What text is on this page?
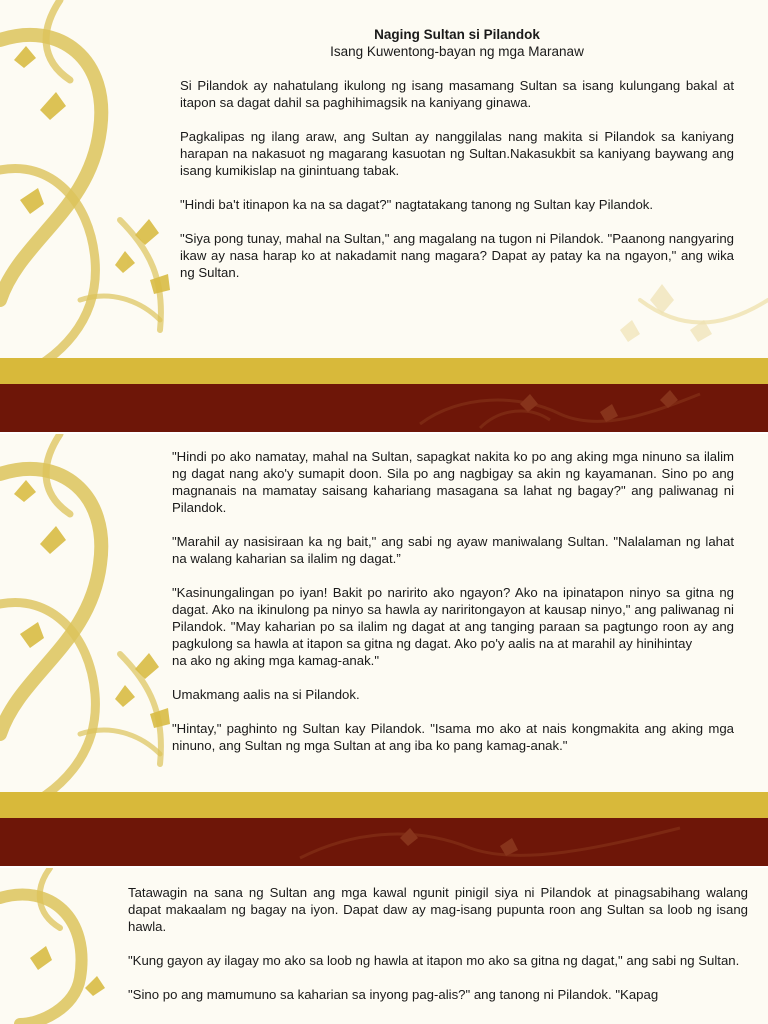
Naging Sultan si Pilandok
Isang Kuwentong-bayan ng mga Maranaw

Si Pilandok ay nahatulang ikulong ng isang masamang Sultan sa isang kulungang bakal at itapon sa dagat dahil sa paghihimagsik na kaniyang ginawa.

Pagkalipas ng ilang araw, ang Sultan ay nanggilalas nang makita si Pilandok sa kaniyang harapan na nakasuot ng magarang kasuotan ng Sultan.Nakasukbit sa kaniyang baywang ang isang kumikislap na ginintuang tabak.

"Hindi ba't itinapon ka na sa dagat?" nagtatakang tanong ng Sultan kay Pilandok.

"Siya pong tunay, mahal na Sultan," ang magalang na tugon ni Pilandok. "Paanong nangyaring ikaw ay nasa harap ko at nakadamit nang magara? Dapat ay patay ka na ngayon," ang wika ng Sultan.

"Hindi po ako namatay, mahal na Sultan, sapagkat nakita ko po ang aking mga ninuno sa ilalim ng dagat nang ako'y sumapit doon. Sila po ang nagbigay sa akin ng kayamanan. Sino po ang magnanais na mamatay saisang kahariang masagana sa lahat ng bagay?" ang paliwanag ni Pilandok.

"Marahil ay nasisiraan ka ng bait," ang sabi ng ayaw maniwalang Sultan. "Nalalaman ng lahat na walang kaharian sa ilalim ng dagat.”

"Kasinungalingan po iyan! Bakit po naririto ako ngayon? Ako na ipinatapon ninyo sa gitna ng dagat. Ako na ikinulong pa ninyo sa hawla ay nariritongayon at kausap ninyo," ang paliwanag ni Pilandok. "May kaharian po sa ilalim ng dagat at ang tanging paraan sa pagtungo roon ay ang pagkulong sa hawla at itapon sa gitna ng dagat. Ako po'y aalis na at marahil ay hinihintay
na ako ng aking mga kamag-anak."

Umakmang aalis na si Pilandok.

"Hintay," paghinto ng Sultan kay Pilandok. "Isama mo ako at nais kongmakita ang aking mga ninuno, ang Sultan ng mga Sultan at ang iba ko pang kamag-anak."

Tatawagin na sana ng Sultan ang mga kawal ngunit pinigil siya ni Pilandok at pinagsabihang walang dapat makaalam ng bagay na iyon. Dapat daw ay mag-isang pupunta roon ang Sultan sa loob ng isang hawla.

"Kung gayon ay ilagay mo ako sa loob ng hawla at itapon mo ako sa gitna ng dagat," ang sabi ng Sultan.

"Sino po ang mamumuno sa kaharian sa inyong pag-alis?" ang tanong ni Pilandok. "Kapag
